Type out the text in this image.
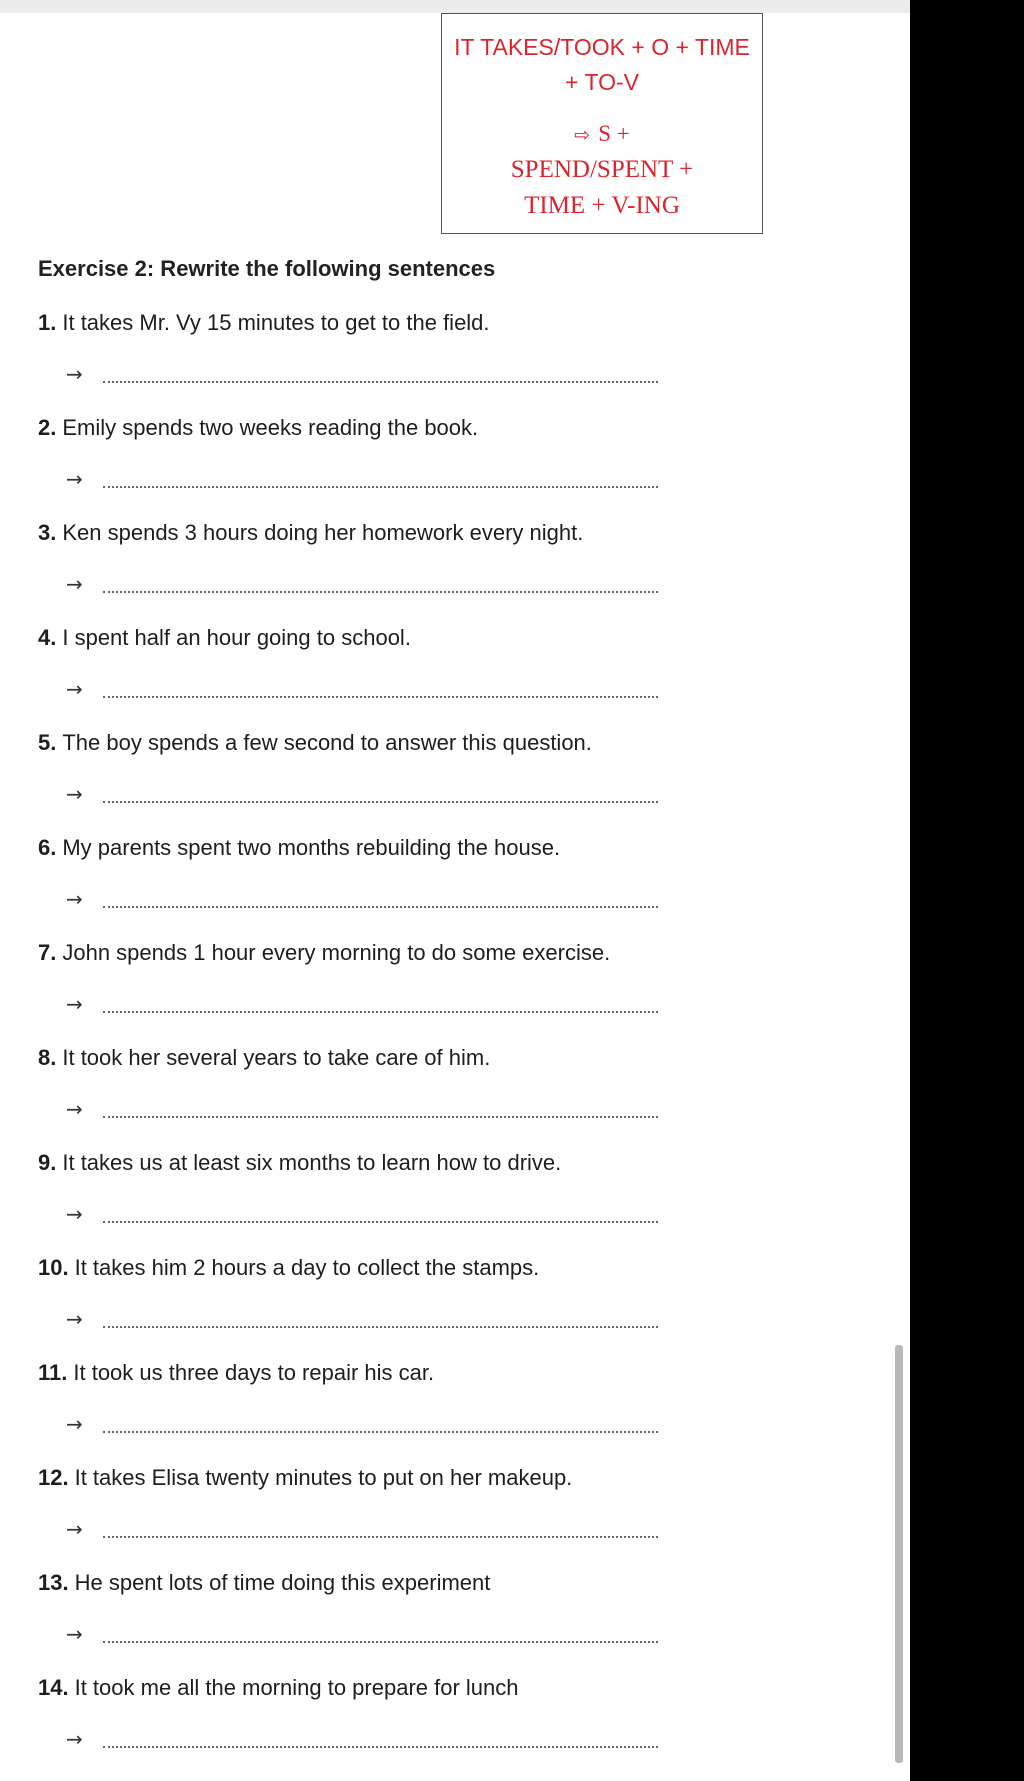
IT TAKES/TOOK + O + TIME
+ TO-V
⇨ S +
SPEND/SPENT +
TIME + V-ING
Exercise 2: Rewrite the following sentences
1. It takes Mr. Vy 15 minutes to get to the field.
→
2. Emily spends two weeks reading the book.
→
3. Ken spends 3 hours doing her homework every night.
→
4. I spent half an hour going to school.
→
5. The boy spends a few second to answer this question.
→
6. My parents spent two months rebuilding the house.
→
7. John spends 1 hour every morning to do some exercise.
→
8. It took her several years to take care of him.
→
9. It takes us at least six months to learn how to drive.
→
10. It takes him 2 hours a day to collect the stamps.
→
11. It took us three days to repair his car.
→
12. It takes Elisa twenty minutes to put on her makeup.
→
13. He spent lots of time doing this experiment
→
14. It took me all the morning to prepare for lunch
→
